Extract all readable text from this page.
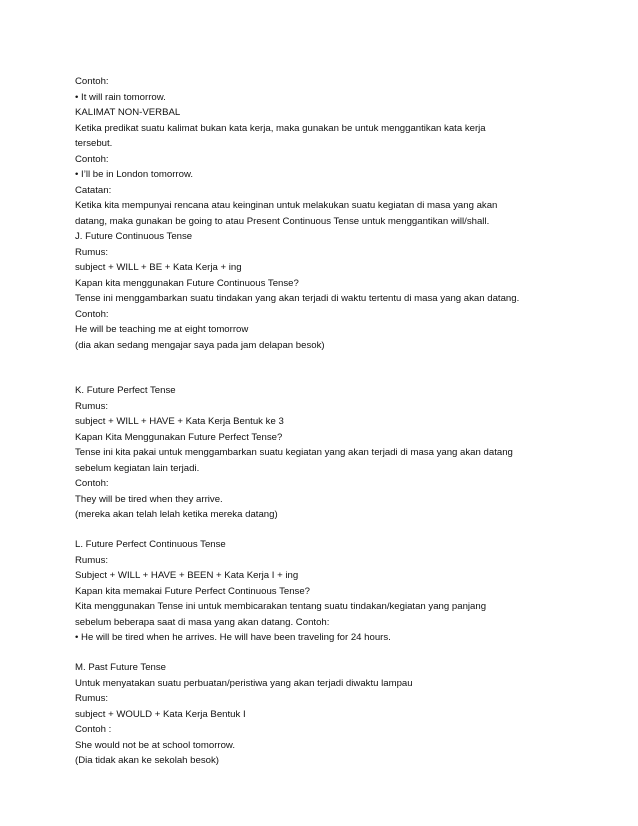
Contoh:

• It will rain tomorrow.

KALIMAT NON-VERBAL

Ketika predikat suatu kalimat bukan kata kerja, maka gunakan be untuk menggantikan kata kerja

tersebut.

Contoh:

• I’ll be in London tomorrow.

Catatan:

Ketika kita mempunyai rencana atau keinginan untuk melakukan suatu kegiatan di masa yang akan

datang, maka gunakan be going to atau Present Continuous Tense untuk menggantikan will/shall.

J. Future Continuous Tense

Rumus:

subject + WILL + BE + Kata Kerja + ing

Kapan kita menggunakan Future Continuous Tense?

Tense ini menggambarkan suatu tindakan yang akan terjadi di waktu tertentu di masa yang akan datang.

Contoh:

He will be teaching me at eight tomorrow

(dia akan sedang mengajar saya pada jam delapan besok)

K. Future Perfect Tense

Rumus:

subject + WILL + HAVE + Kata Kerja Bentuk ke 3

Kapan Kita Menggunakan Future Perfect Tense?

Tense ini kita pakai untuk menggambarkan suatu kegiatan yang akan terjadi di masa yang akan datang

sebelum kegiatan lain terjadi.

Contoh:

They will be tired when they arrive.

(mereka akan telah lelah ketika mereka datang)

L. Future Perfect Continuous Tense

Rumus:

Subject + WILL + HAVE + BEEN + Kata Kerja I + ing

Kapan kita memakai Future Perfect Continuous Tense?

Kita menggunakan Tense ini untuk membicarakan tentang suatu tindakan/kegiatan yang panjang

sebelum beberapa saat di masa yang akan datang. Contoh:

• He will be tired when he arrives. He will have been traveling for 24 hours.

M. Past Future Tense

Untuk menyatakan suatu perbuatan/peristiwa yang akan terjadi diwaktu lampau

Rumus:

subject + WOULD + Kata Kerja Bentuk I

Contoh :

She would not be at school tomorrow.

(Dia tidak akan ke sekolah besok)
